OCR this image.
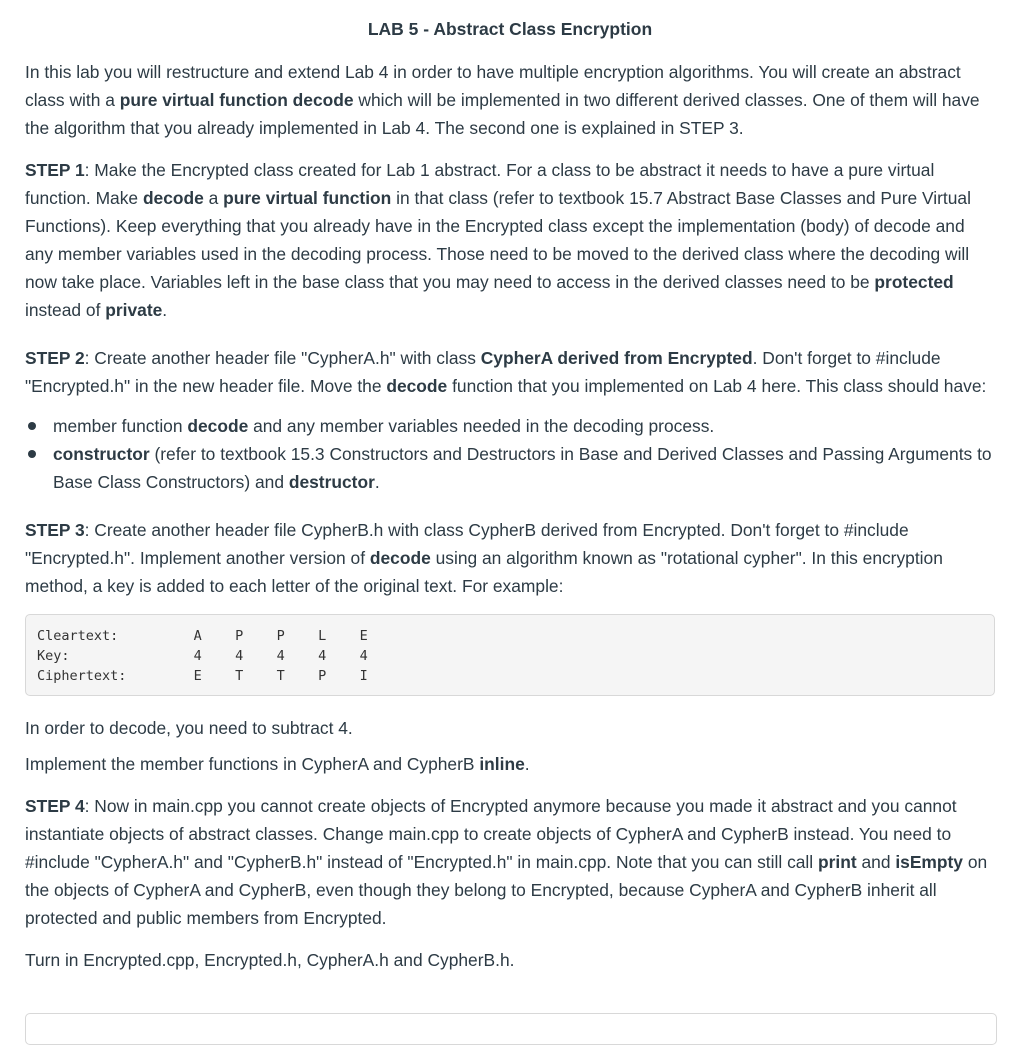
LAB 5 - Abstract Class Encryption

In this lab you will restructure and extend Lab 4 in order to have multiple encryption algorithms. You will create an abstract class with a pure virtual function decode which will be implemented in two different derived classes. One of them will have the algorithm that you already implemented in Lab 4. The second one is explained in STEP 3.

STEP 1: Make the Encrypted class created for Lab 1 abstract. For a class to be abstract it needs to have a pure virtual function. Make decode a pure virtual function in that class (refer to textbook 15.7 Abstract Base Classes and Pure Virtual Functions). Keep everything that you already have in the Encrypted class except the implementation (body) of decode and any member variables used in the decoding process. Those need to be moved to the derived class where the decoding will now take place. Variables left in the base class that you may need to access in the derived classes need to be protected instead of private.

STEP 2: Create another header file "CypherA.h" with class CypherA derived from Encrypted. Don't forget to #include "Encrypted.h" in the new header file. Move the decode function that you implemented on Lab 4 here. This class should have:

member function decode and any member variables needed in the decoding process.
constructor (refer to textbook 15.3 Constructors and Destructors in Base and Derived Classes and Passing Arguments to Base Class Constructors) and destructor.

STEP 3: Create another header file CypherB.h with class CypherB derived from Encrypted. Don't forget to #include "Encrypted.h". Implement another version of decode using an algorithm known as "rotational cypher". In this encryption method, a key is added to each letter of the original text. For example:

Cleartext:	A	P	P	L	E
Key:	4	4	4	4	4
Ciphertext:	E	T	T	P	I

In order to decode, you need to subtract 4.

Implement the member functions in CypherA and CypherB inline.

STEP 4: Now in main.cpp you cannot create objects of Encrypted anymore because you made it abstract and you cannot instantiate objects of abstract classes. Change main.cpp to create objects of CypherA and CypherB instead. You need to #include "CypherA.h" and "CypherB.h" instead of "Encrypted.h" in main.cpp. Note that you can still call print and isEmpty on the objects of CypherA and CypherB, even though they belong to Encrypted, because CypherA and CypherB inherit all protected and public members from Encrypted.

Turn in Encrypted.cpp, Encrypted.h, CypherA.h and CypherB.h.
